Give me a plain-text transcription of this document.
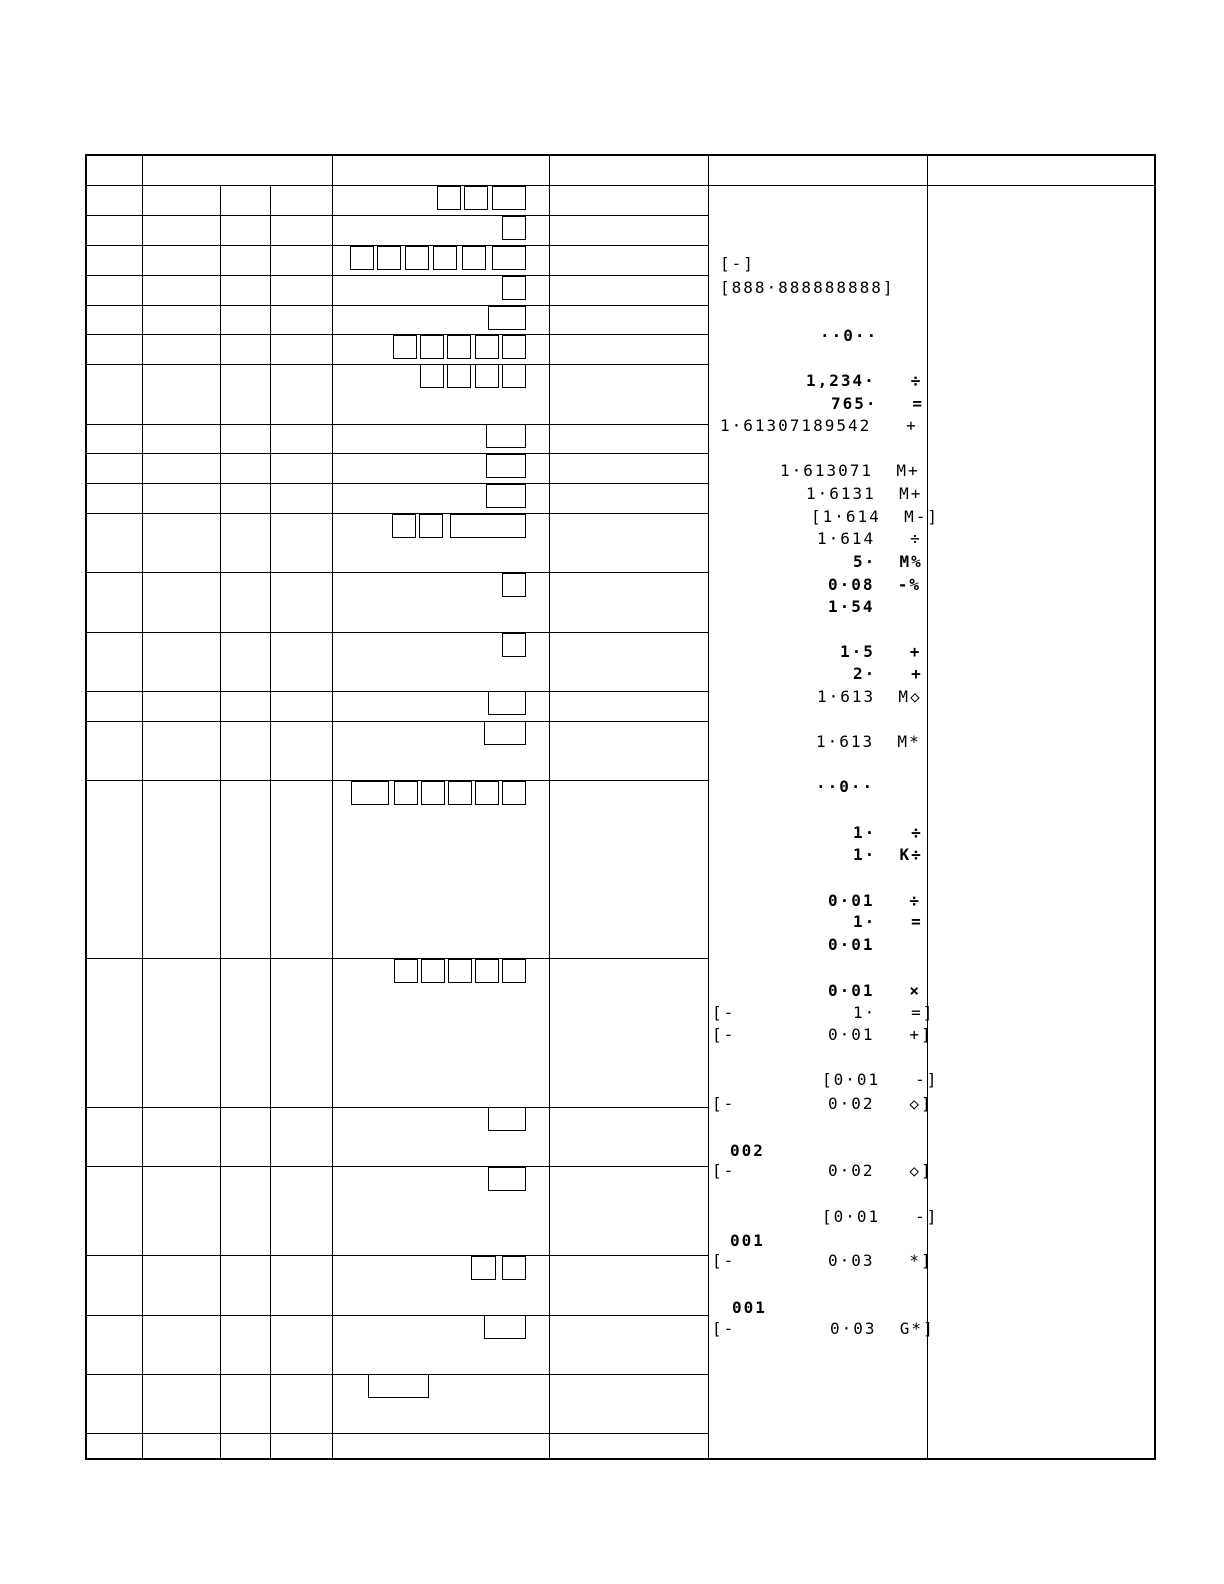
[-]
[888·888888888]
··0··
1,234·   ÷
765·   =
1·61307189542   +
1·613071  M+
1·6131  M+
[1·614  M-]
1·614   ÷
5·  M%
0·08  -%
1·54
1·5   +
2·   +
1·613  M◇
1·613  M*
··0··
1·   ÷
1·  K÷
0·01   ÷
1·   =
0·01
0·01   ×
1·   =]
[-
0·01   +]
[-
[0·01   -]
0·02   ◇]
[-
002
0·02   ◇]
[-
[0·01   -]
001
0·03   *]
[-
001
0·03  G*]
[-
